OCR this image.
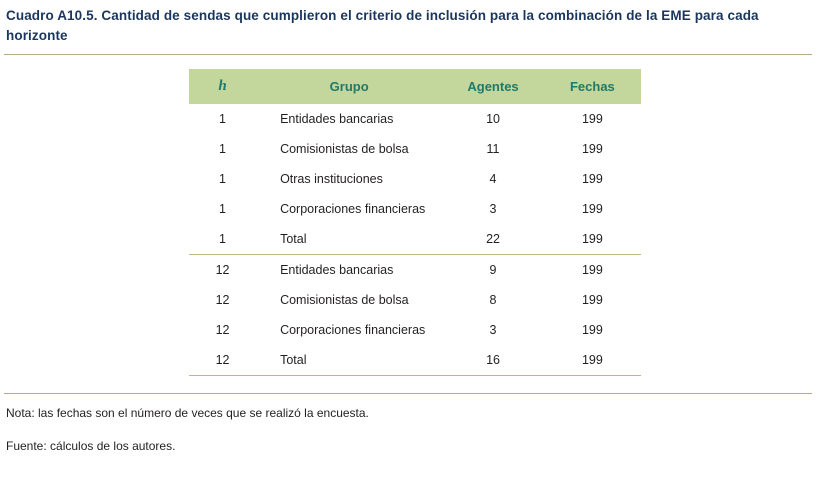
Cuadro A10.5. Cantidad de sendas que cumplieron el criterio de inclusión para la combinación de la EME para cada horizonte
h	Grupo	Agentes	Fechas
1	Entidades bancarias	10	199
1	Comisionistas de bolsa	11	199
1	Otras instituciones	4	199
1	Corporaciones financieras	3	199
1	Total	22	199
12	Entidades bancarias	9	199
12	Comisionistas de bolsa	8	199
12	Corporaciones financieras	3	199
12	Total	16	199
Nota: las fechas son el número de veces que se realizó la encuesta.
Fuente: cálculos de los autores.
